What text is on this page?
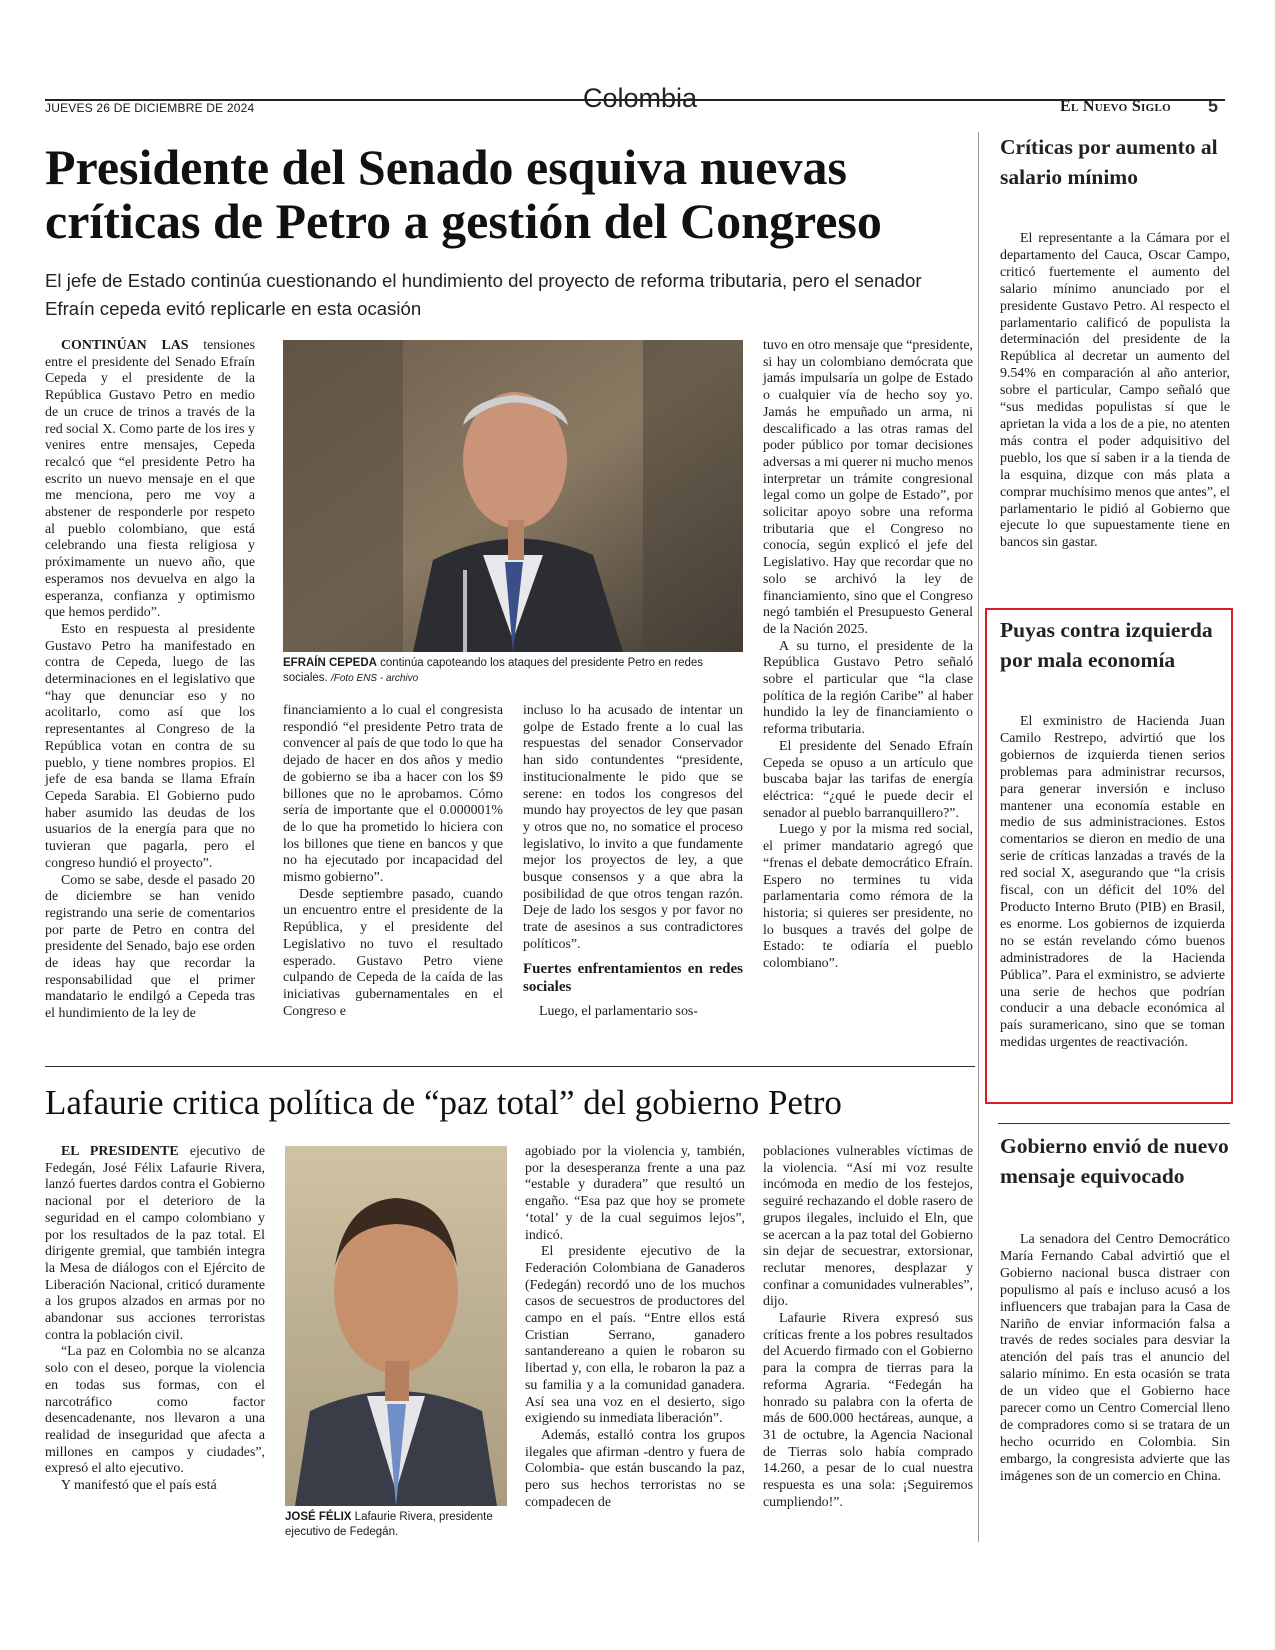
JUEVES 26 DE DICIEMBRE DE 2024	Colombia	El Nuevo Siglo 5
Presidente del Senado esquiva nuevas críticas de Petro a gestión del Congreso
El jefe de Estado continúa cuestionando el hundimiento del proyecto de reforma tributaria, pero el senador Efraín cepeda evitó replicarle en esta ocasión

CONTINÚAN LAS tensiones entre el presidente del Senado Efraín Cepeda y el presidente de la República Gustavo Petro en medio de un cruce de trinos a través de la red social X. Como parte de los ires y venires entre mensajes, Cepeda recalcó que “el presidente Petro ha escrito un nuevo mensaje en el que me menciona, pero me voy a abstener de responderle por respeto al pueblo colombiano, que está celebrando una fiesta religiosa y próximamente un nuevo año, que esperamos nos devuelva en algo la esperanza, confianza y optimismo que hemos perdido”.

Esto en respuesta al presidente Gustavo Petro ha manifestado en contra de Cepeda, luego de las determinaciones en el legislativo que “hay que denunciar eso y no acolitarlo, como así que los representantes al Congreso de la República votan en contra de su pueblo, y tiene nombres propios. El jefe de esa banda se llama Efraín Cepeda Sarabia. El Gobierno pudo haber asumido las deudas de los usuarios de la energía para que no tuvieran que pagarla, pero el congreso hundió el proyecto”.

Como se sabe, desde el pasado 20 de diciembre se han venido registrando una serie de comentarios por parte de Petro en contra del presidente del Senado, bajo ese orden de ideas hay que recordar la responsabilidad que el primer mandatario le endilgó a Cepeda tras el hundimiento de la ley de

EFRAÍN CEPEDA continúa capoteando los ataques del presidente Petro en redes sociales. /Foto ENS - archivo

financiamiento a lo cual el congresista respondió “el presidente Petro trata de convencer al país de que todo lo que ha dejado de hacer en dos años y medio de gobierno se iba a hacer con los $9 billones que no le aprobamos. Cómo sería de importante que el 0.000001% de lo que ha prometido lo hiciera con los billones que tiene en bancos y que no ha ejecutado por incapacidad del mismo gobierno”.

Desde septiembre pasado, cuando un encuentro entre el presidente de la República, y el presidente del Legislativo no tuvo el resultado esperado. Gustavo Petro viene culpando de Cepeda de la caída de las iniciativas gubernamentales en el Congreso e

incluso lo ha acusado de intentar un golpe de Estado frente a lo cual las respuestas del senador Conservador han sido contundentes “presidente, institucionalmente le pido que se serene: en todos los congresos del mundo hay proyectos de ley que pasan y otros que no, no somatice el proceso legislativo, lo invito a que fundamente mejor los proyectos de ley, a que busque consensos y a que abra la posibilidad de que otros tengan razón. Deje de lado los sesgos y por favor no trate de asesinos a sus contradictores políticos”.

Fuertes enfrentamientos en redes sociales

Luego, el parlamentario sos-

tuvo en otro mensaje que “presidente, si hay un colombiano demócrata que jamás impulsaría un golpe de Estado o cualquier vía de hecho soy yo. Jamás he empuñado un arma, ni descalificado a las otras ramas del poder público por tomar decisiones adversas a mi querer ni mucho menos interpretar un trámite congresional legal como un golpe de Estado”, por solicitar apoyo sobre una reforma tributaria que el Congreso no conocía, según explicó el jefe del Legislativo. Hay que recordar que no solo se archivó la ley de financiamiento, sino que el Congreso negó también el Presupuesto General de la Nación 2025.

A su turno, el presidente de la República Gustavo Petro señaló sobre el particular que “la clase política de la región Caribe” al haber hundido la ley de financiamiento o reforma tributaria.

El presidente del Senado Efraín Cepeda se opuso a un artículo que buscaba bajar las tarifas de energía eléctrica: “¿qué le puede decir el senador al pueblo barranquillero?”.

Luego y por la misma red social, el primer mandatario agregó que “frenas el debate democrático Efraín. Espero no termines tu vida parlamentaria como rémora de la historia; si quieres ser presidente, no lo busques a través del golpe de Estado: te odiaría el pueblo colombiano”.

Lafaurie critica política de “paz total” del gobierno Petro

EL PRESIDENTE ejecutivo de Fedegán, José Félix Lafaurie Rivera, lanzó fuertes dardos contra el Gobierno nacional por el deterioro de la seguridad en el campo colombiano y por los resultados de la paz total. El dirigente gremial, que también integra la Mesa de diálogos con el Ejército de Liberación Nacional, criticó duramente a los grupos alzados en armas por no abandonar sus acciones terroristas contra la población civil.

“La paz en Colombia no se alcanza solo con el deseo, porque la violencia en todas sus formas, con el narcotráfico como factor desencadenante, nos llevaron a una realidad de inseguridad que afecta a millones en campos y ciudades”, expresó el alto ejecutivo.

Y manifestó que el país está

JOSÉ FÉLIX Lafaurie Rivera, presidente ejecutivo de Fedegán.

agobiado por la violencia y, también, por la desesperanza frente a una paz “estable y duradera” que resultó un engaño. “Esa paz que hoy se promete ‘total’ y de la cual seguimos lejos”, indicó.

El presidente ejecutivo de la Federación Colombiana de Ganaderos (Fedegán) recordó uno de los muchos casos de secuestros de productores del campo en el país. “Entre ellos está Cristian Serrano, ganadero santandereano a quien le robaron su libertad y, con ella, le robaron la paz a su familia y a la comunidad ganadera. Así sea una voz en el desierto, sigo exigiendo su inmediata liberación”.

Además, estalló contra los grupos ilegales que afirman -dentro y fuera de Colombia- que están buscando la paz, pero sus hechos terroristas no se compadecen de

poblaciones vulnerables víctimas de la violencia. “Así mi voz resulte incómoda en medio de los festejos, seguiré rechazando el doble rasero de grupos ilegales, incluido el Eln, que se acercan a la paz total del Gobierno sin dejar de secuestrar, extorsionar, reclutar menores, desplazar y confinar a comunidades vulnerables”, dijo.

Lafaurie Rivera expresó sus críticas frente a los pobres resultados del Acuerdo firmado con el Gobierno para la compra de tierras para la reforma Agraria. “Fedegán ha honrado su palabra con la oferta de más de 600.000 hectáreas, aunque, a 31 de octubre, la Agencia Nacional de Tierras solo había comprado 14.260, a pesar de lo cual nuestra respuesta es una sola: ¡Seguiremos cumpliendo!”.

Críticas por aumento al salario mínimo

El representante a la Cámara por el departamento del Cauca, Oscar Campo, criticó fuertemente el aumento del salario mínimo anunciado por el presidente Gustavo Petro. Al respecto el parlamentario calificó de populista la determinación del presidente de la República al decretar un aumento del 9.54% en comparación al año anterior, sobre el particular, Campo señaló que “sus medidas populistas sí que le aprietan la vida a los de a pie, no atenten más contra el poder adquisitivo del pueblo, los que sí saben ir a la tienda de la esquina, dizque con más plata a comprar muchísimo menos que antes”, el parlamentario le pidió al Gobierno que ejecute lo que supuestamente tiene en bancos sin gastar.

Puyas contra izquierda por mala economía

El exministro de Hacienda Juan Camilo Restrepo, advirtió que los gobiernos de izquierda tienen serios problemas para administrar recursos, para generar inversión e incluso mantener una economía estable en medio de sus administraciones. Estos comentarios se dieron en medio de una serie de críticas lanzadas a través de la red social X, asegurando que “la crisis fiscal, con un déficit del 10% del Producto Interno Bruto (PIB) en Brasil, es enorme. Los gobiernos de izquierda no se están revelando cómo buenos administradores de la Hacienda Pública”. Para el exministro, se advierte una serie de hechos que podrían conducir a una debacle económica al país suramericano, sino que se toman medidas urgentes de reactivación.

Gobierno envió de nuevo mensaje equivocado

La senadora del Centro Democrático María Fernando Cabal advirtió que el Gobierno nacional busca distraer con populismo al país e incluso acusó a los influencers que trabajan para la Casa de Nariño de enviar información falsa a través de redes sociales para desviar la atención del país tras el anuncio del salario mínimo. En esta ocasión se trata de un video que el Gobierno hace parecer como un Centro Comercial lleno de compradores como si se tratara de un hecho ocurrido en Colombia. Sin embargo, la congresista advierte que las imágenes son de un comercio en China.
